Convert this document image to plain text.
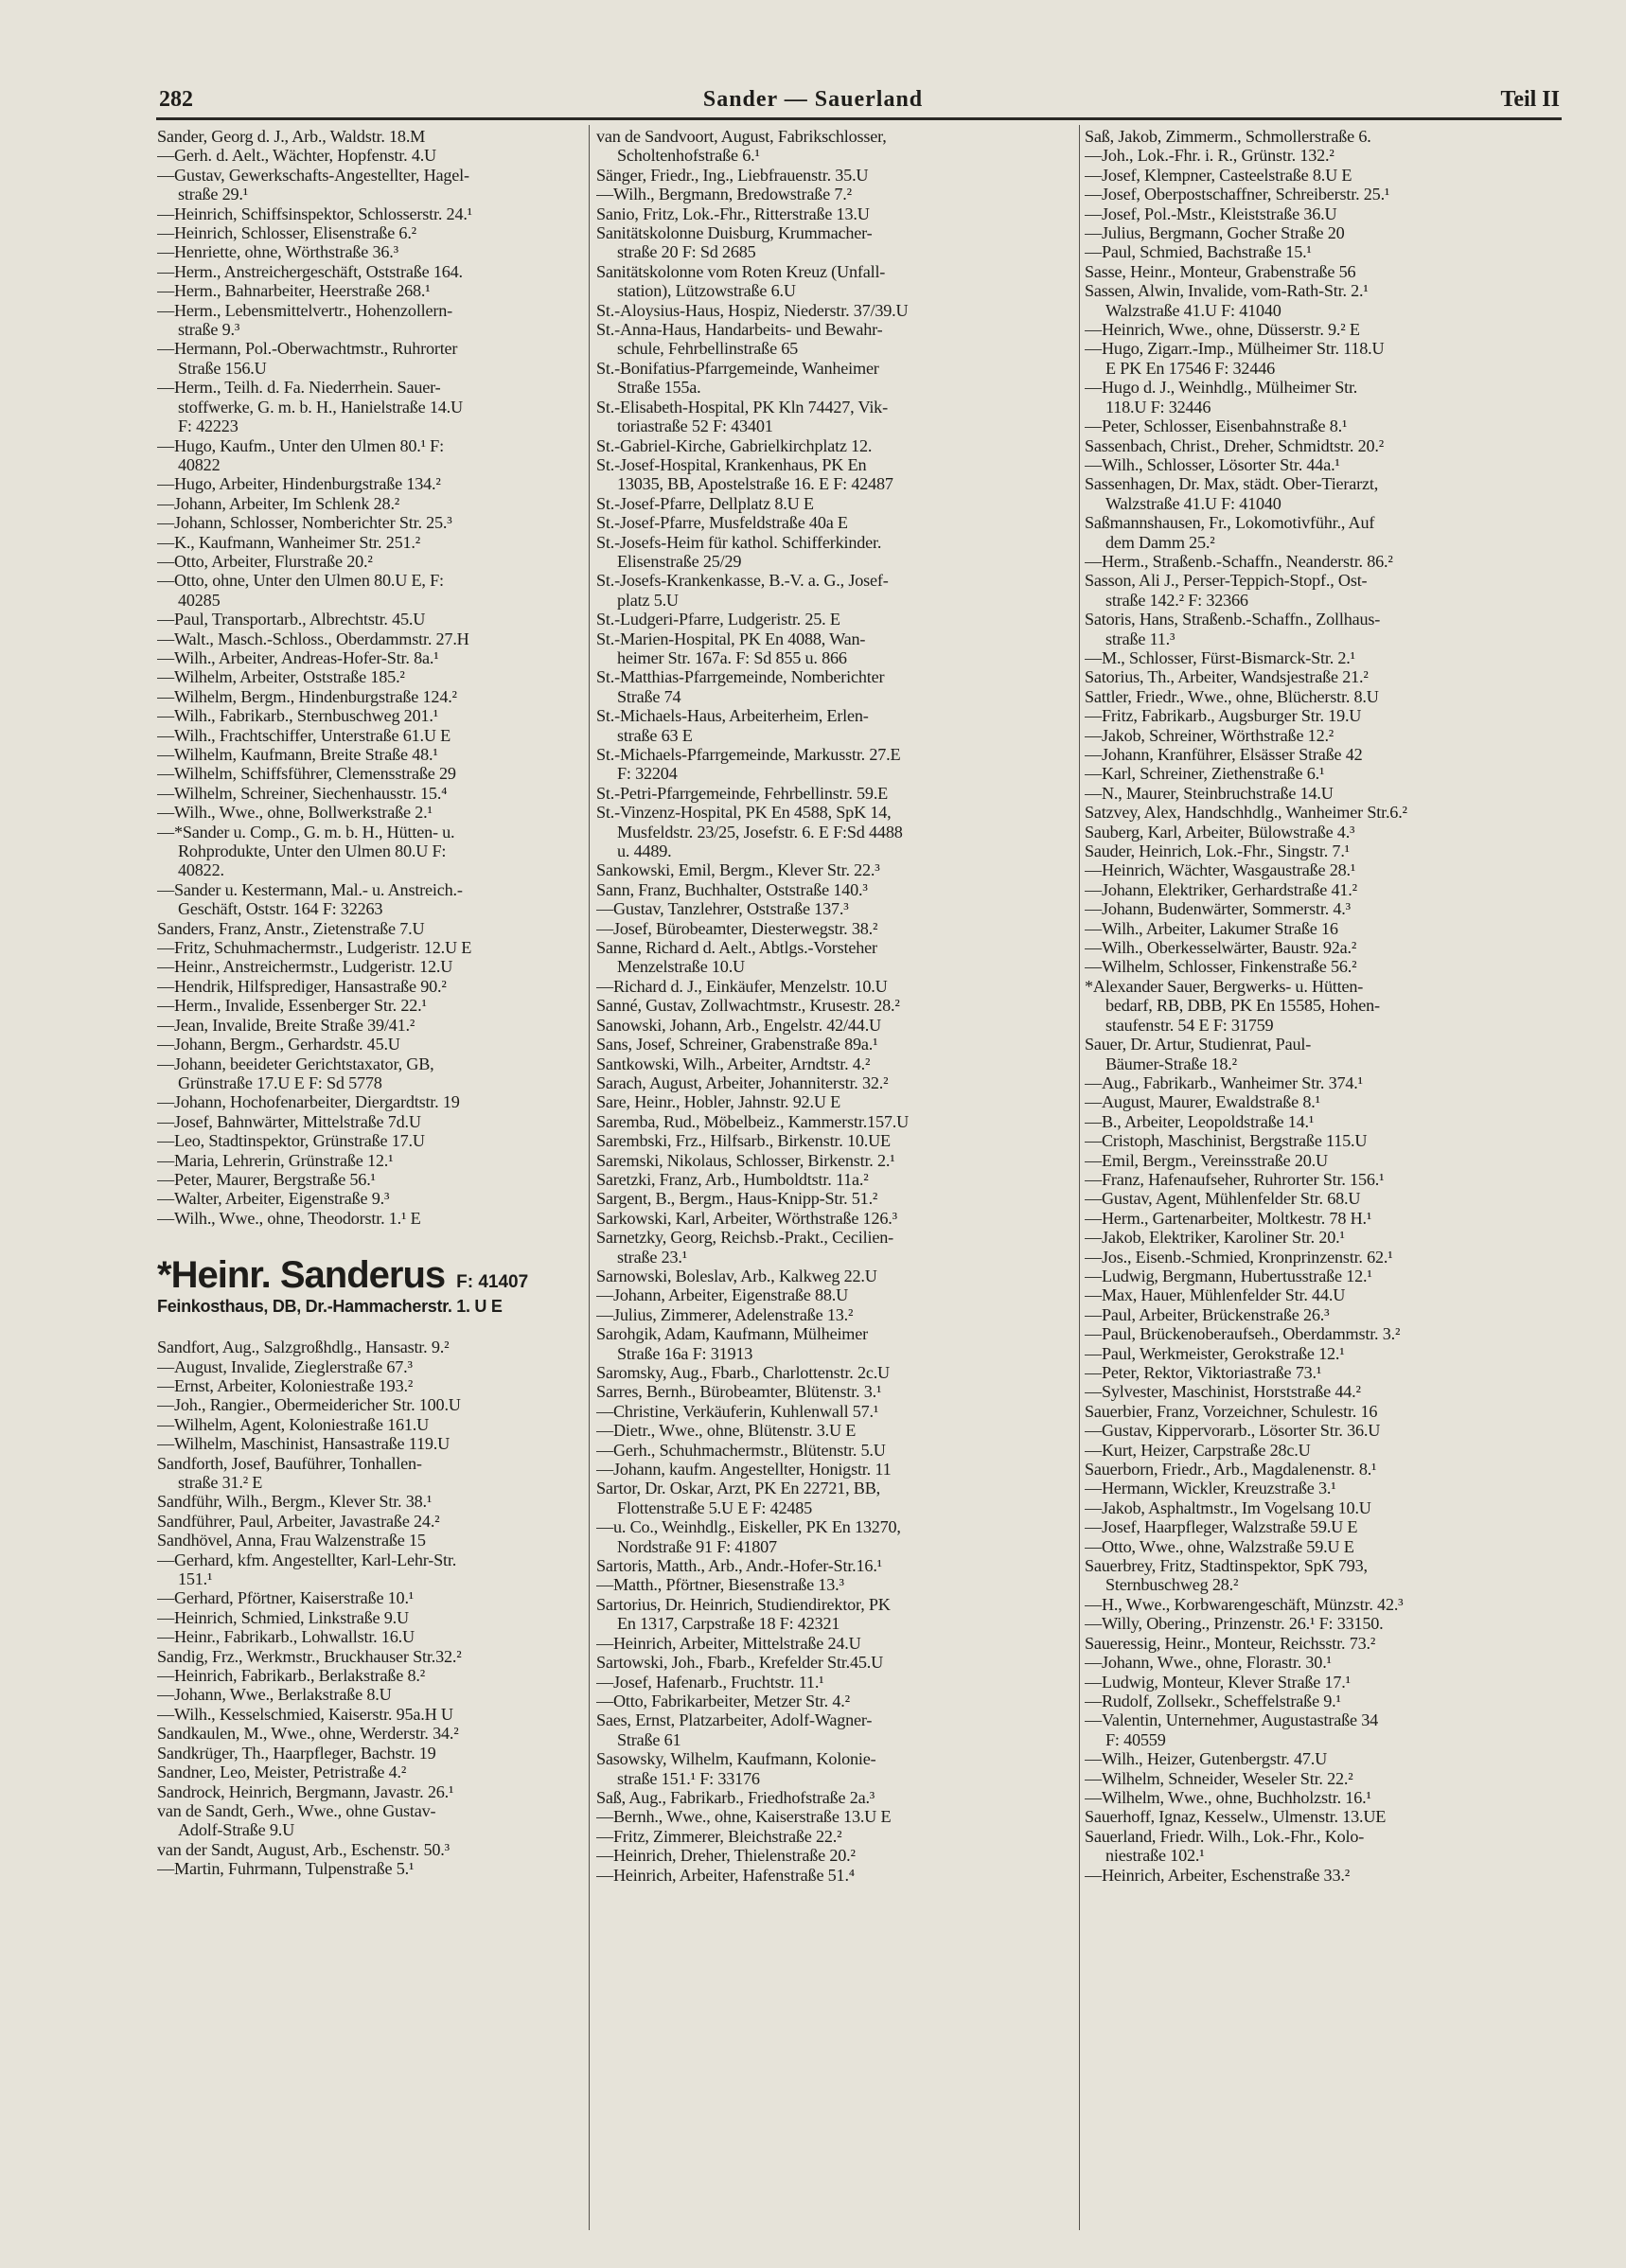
282	Sander — Sauerland	Teil II
Sander, Georg d. J., Arb., Waldstr. 18.M
—Gerh. d. Aelt., Wächter, Hopfenstr. 4.U
—Gustav, Gewerkschafts-Angestellter, Hagel-
straße 29.¹
—Heinrich, Schiffsinspektor, Schlosserstr. 24.¹
—Heinrich, Schlosser, Elisenstraße 6.²
—Henriette, ohne, Wörthstraße 36.³
—Herm., Anstreichergeschäft, Oststraße 164.
—Herm., Bahnarbeiter, Heerstraße 268.¹
—Herm., Lebensmittelvertr., Hohenzollern-
straße 9.³
—Hermann, Pol.-Oberwachtmstr., Ruhrorter
Straße 156.U
—Herm., Teilh. d. Fa. Niederrhein. Sauer-
stoffwerke, G. m. b. H., Hanielstraße 14.U
F: 42223
—Hugo, Kaufm., Unter den Ulmen 80.¹ F:
40822
—Hugo, Arbeiter, Hindenburgstraße 134.²
—Johann, Arbeiter, Im Schlenk 28.²
—Johann, Schlosser, Nomberichter Str. 25.³
—K., Kaufmann, Wanheimer Str. 251.²
—Otto, Arbeiter, Flurstraße 20.²
—Otto, ohne, Unter den Ulmen 80.U E, F:
40285
—Paul, Transportarb., Albrechtstr. 45.U
—Walt., Masch.-Schloss., Oberdammstr. 27.H
—Wilh., Arbeiter, Andreas-Hofer-Str. 8a.¹
—Wilhelm, Arbeiter, Oststraße 185.²
—Wilhelm, Bergm., Hindenburgstraße 124.²
—Wilh., Fabrikarb., Sternbuschweg 201.¹
—Wilh., Frachtschiffer, Unterstraße 61.U E
—Wilhelm, Kaufmann, Breite Straße 48.¹
—Wilhelm, Schiffsführer, Clemensstraße 29
—Wilhelm, Schreiner, Siechenhausstr. 15.⁴
—Wilh., Wwe., ohne, Bollwerkstraße 2.¹
—*Sander u. Comp., G. m. b. H., Hütten- u.
Rohprodukte, Unter den Ulmen 80.U F:
40822.
—Sander u. Kestermann, Mal.- u. Anstreich.-
Geschäft, Oststr. 164 F: 32263
Sanders, Franz, Anstr., Zietenstraße 7.U
—Fritz, Schuhmachermstr., Ludgeristr. 12.U E
—Heinr., Anstreichermstr., Ludgeristr. 12.U
—Hendrik, Hilfsprediger, Hansastraße 90.²
—Herm., Invalide, Essenberger Str. 22.¹
—Jean, Invalide, Breite Straße 39/41.²
—Johann, Bergm., Gerhardstr. 45.U
—Johann, beeideter Gerichtstaxator, GB,
Grünstraße 17.U E F: Sd 5778
—Johann, Hochofenarbeiter, Diergardtstr. 19
—Josef, Bahnwärter, Mittelstraße 7d.U
—Leo, Stadtinspektor, Grünstraße 17.U
—Maria, Lehrerin, Grünstraße 12.¹
—Peter, Maurer, Bergstraße 56.¹
—Walter, Arbeiter, Eigenstraße 9.³
—Wilh., Wwe., ohne, Theodorstr. 1.¹ E
*Heinr. Sanderus F: 41407
Feinkosthaus, DB, Dr.-Hammacherstr. 1. U E
Sandfort, Aug., Salzgroßhdlg., Hansastr. 9.²
—August, Invalide, Zieglerstraße 67.³
—Ernst, Arbeiter, Koloniestraße 193.²
—Joh., Rangier., Obermeidericher Str. 100.U
—Wilhelm, Agent, Koloniestraße 161.U
—Wilhelm, Maschinist, Hansastraße 119.U
Sandforth, Josef, Bauführer, Tonhallen-
straße 31.² E
Sandführ, Wilh., Bergm., Klever Str. 38.¹
Sandführer, Paul, Arbeiter, Javastraße 24.²
Sandhövel, Anna, Frau Walzenstraße 15
—Gerhard, kfm. Angestellter, Karl-Lehr-Str.
151.¹
—Gerhard, Pförtner, Kaiserstraße 10.¹
—Heinrich, Schmied, Linkstraße 9.U
—Heinr., Fabrikarb., Lohwallstr. 16.U
Sandig, Frz., Werkmstr., Bruckhauser Str.32.²
—Heinrich, Fabrikarb., Berlakstraße 8.²
—Johann, Wwe., Berlakstraße 8.U
—Wilh., Kesselschmied, Kaiserstr. 95a.H U
Sandkaulen, M., Wwe., ohne, Werderstr. 34.²
Sandkrüger, Th., Haarpfleger, Bachstr. 19
Sandner, Leo, Meister, Petristraße 4.²
Sandrock, Heinrich, Bergmann, Javastr. 26.¹
van de Sandt, Gerh., Wwe., ohne Gustav-
Adolf-Straße 9.U
van der Sandt, August, Arb., Eschenstr. 50.³
—Martin, Fuhrmann, Tulpenstraße 5.¹
van de Sandvoort, August, Fabrikschlosser,
Scholtenhofstraße 6.¹
Sänger, Friedr., Ing., Liebfrauenstr. 35.U
—Wilh., Bergmann, Bredowstraße 7.²
Sanio, Fritz, Lok.-Fhr., Ritterstraße 13.U
Sanitätskolonne Duisburg, Krummacher-
straße 20 F: Sd 2685
Sanitätskolonne vom Roten Kreuz (Unfall-
station), Lützowstraße 6.U
St.-Aloysius-Haus, Hospiz, Niederstr. 37/39.U
St.-Anna-Haus, Handarbeits- und Bewahr-
schule, Fehrbellinstraße 65
St.-Bonifatius-Pfarrgemeinde, Wanheimer
Straße 155a.
St.-Elisabeth-Hospital, PK Kln 74427, Vik-
toriastraße 52 F: 43401
St.-Gabriel-Kirche, Gabrielkirchplatz 12.
St.-Josef-Hospital, Krankenhaus, PK En
13035, BB, Apostelstraße 16. E F: 42487
St.-Josef-Pfarre, Dellplatz 8.U E
St.-Josef-Pfarre, Musfeldstraße 40a E
St.-Josefs-Heim für kathol. Schifferkinder.
Elisenstraße 25/29
St.-Josefs-Krankenkasse, B.-V. a. G., Josef-
platz 5.U
St.-Ludgeri-Pfarre, Ludgeristr. 25. E
St.-Marien-Hospital, PK En 4088, Wan-
heimer Str. 167a. F: Sd 855 u. 866
St.-Matthias-Pfarrgemeinde, Nomberichter
Straße 74
St.-Michaels-Haus, Arbeiterheim, Erlen-
straße 63 E
St.-Michaels-Pfarrgemeinde, Markusstr. 27.E
F: 32204
St.-Petri-Pfarrgemeinde, Fehrbellinstr. 59.E
St.-Vinzenz-Hospital, PK En 4588, SpK 14,
Musfeldstr. 23/25, Josefstr. 6. E F:Sd 4488
u. 4489.
Sankowski, Emil, Bergm., Klever Str. 22.³
Sann, Franz, Buchhalter, Oststraße 140.³
—Gustav, Tanzlehrer, Oststraße 137.³
—Josef, Bürobeamter, Diesterwegstr. 38.²
Sanne, Richard d. Aelt., Abtlgs.-Vorsteher
Menzelstraße 10.U
—Richard d. J., Einkäufer, Menzelstr. 10.U
Sanné, Gustav, Zollwachtmstr., Krusestr. 28.²
Sanowski, Johann, Arb., Engelstr. 42/44.U
Sans, Josef, Schreiner, Grabenstraße 89a.¹
Santkowski, Wilh., Arbeiter, Arndtstr. 4.²
Sarach, August, Arbeiter, Johanniterstr. 32.²
Sare, Heinr., Hobler, Jahnstr. 92.U E
Saremba, Rud., Möbelbeiz., Kammerstr.157.U
Sarembski, Frz., Hilfsarb., Birkenstr. 10.UE
Saremski, Nikolaus, Schlosser, Birkenstr. 2.¹
Saretzki, Franz, Arb., Humboldtstr. 11a.²
Sargent, B., Bergm., Haus-Knipp-Str. 51.²
Sarkowski, Karl, Arbeiter, Wörthstraße 126.³
Sarnetzky, Georg, Reichsb.-Prakt., Cecilien-
straße 23.¹
Sarnowski, Boleslav, Arb., Kalkweg 22.U
—Johann, Arbeiter, Eigenstraße 88.U
—Julius, Zimmerer, Adelenstraße 13.²
Sarohgik, Adam, Kaufmann, Mülheimer
Straße 16a F: 31913
Saromsky, Aug., Fbarb., Charlottenstr. 2c.U
Sarres, Bernh., Bürobeamter, Blütenstr. 3.¹
—Christine, Verkäuferin, Kuhlenwall 57.¹
—Dietr., Wwe., ohne, Blütenstr. 3.U E
—Gerh., Schuhmachermstr., Blütenstr. 5.U
—Johann, kaufm. Angestellter, Honigstr. 11
Sartor, Dr. Oskar, Arzt, PK En 22721, BB,
Flottenstraße 5.U E F: 42485
—u. Co., Weinhdlg., Eiskeller, PK En 13270,
Nordstraße 91 F: 41807
Sartoris, Matth., Arb., Andr.-Hofer-Str.16.¹
—Matth., Pförtner, Biesenstraße 13.³
Sartorius, Dr. Heinrich, Studiendirektor, PK
En 1317, Carpstraße 18 F: 42321
—Heinrich, Arbeiter, Mittelstraße 24.U
Sartowski, Joh., Fbarb., Krefelder Str.45.U
—Josef, Hafenarb., Fruchtstr. 11.¹
—Otto, Fabrikarbeiter, Metzer Str. 4.²
Saes, Ernst, Platzarbeiter, Adolf-Wagner-
Straße 61
Sasowsky, Wilhelm, Kaufmann, Kolonie-
straße 151.¹ F: 33176
Saß, Aug., Fabrikarb., Friedhofstraße 2a.³
—Bernh., Wwe., ohne, Kaiserstraße 13.U E
—Fritz, Zimmerer, Bleichstraße 22.²
—Heinrich, Dreher, Thielenstraße 20.²
—Heinrich, Arbeiter, Hafenstraße 51.⁴
Saß, Jakob, Zimmerm., Schmollerstraße 6.
—Joh., Lok.-Fhr. i. R., Grünstr. 132.²
—Josef, Klempner, Casteelstraße 8.U E
—Josef, Oberpostschaffner, Schreiberstr. 25.¹
—Josef, Pol.-Mstr., Kleiststraße 36.U
—Julius, Bergmann, Gocher Straße 20
—Paul, Schmied, Bachstraße 15.¹
Sasse, Heinr., Monteur, Grabenstraße 56
Sassen, Alwin, Invalide, vom-Rath-Str. 2.¹
Walzstraße 41.U F: 41040
—Heinrich, Wwe., ohne, Düsserstr. 9.² E
—Hugo, Zigarr.-Imp., Mülheimer Str. 118.U
E PK En 17546 F: 32446
—Hugo d. J., Weinhdlg., Mülheimer Str.
118.U F: 32446
—Peter, Schlosser, Eisenbahnstraße 8.¹
Sassenbach, Christ., Dreher, Schmidtstr. 20.²
—Wilh., Schlosser, Lösorter Str. 44a.¹
Sassenhagen, Dr. Max, städt. Ober-Tierarzt,
Walzstraße 41.U F: 41040
Saßmannshausen, Fr., Lokomotivführ., Auf
dem Damm 25.²
—Herm., Straßenb.-Schaffn., Neanderstr. 86.²
Sasson, Ali J., Perser-Teppich-Stopf., Ost-
straße 142.² F: 32366
Satoris, Hans, Straßenb.-Schaffn., Zollhaus-
straße 11.³
—M., Schlosser, Fürst-Bismarck-Str. 2.¹
Satorius, Th., Arbeiter, Wandsjestraße 21.²
Sattler, Friedr., Wwe., ohne, Blücherstr. 8.U
—Fritz, Fabrikarb., Augsburger Str. 19.U
—Jakob, Schreiner, Wörthstraße 12.²
—Johann, Kranführer, Elsässer Straße 42
—Karl, Schreiner, Ziethenstraße 6.¹
—N., Maurer, Steinbruchstraße 14.U
Satzvey, Alex, Handschhdlg., Wanheimer Str.6.²
Sauberg, Karl, Arbeiter, Bülowstraße 4.³
Sauder, Heinrich, Lok.-Fhr., Singstr. 7.¹
—Heinrich, Wächter, Wasgaustraße 28.¹
—Johann, Elektriker, Gerhardstraße 41.²
—Johann, Budenwärter, Sommerstr. 4.³
—Wilh., Arbeiter, Lakumer Straße 16
—Wilh., Oberkesselwärter, Baustr. 92a.²
—Wilhelm, Schlosser, Finkenstraße 56.²
*Alexander Sauer, Bergwerks- u. Hütten-
bedarf, RB, DBB, PK En 15585, Hohen-
staufenstr. 54 E F: 31759
Sauer, Dr. Artur, Studienrat, Paul-
Bäumer-Straße 18.²
—Aug., Fabrikarb., Wanheimer Str. 374.¹
—August, Maurer, Ewaldstraße 8.¹
—B., Arbeiter, Leopoldstraße 14.¹
—Cristoph, Maschinist, Bergstraße 115.U
—Emil, Bergm., Vereinsstraße 20.U
—Franz, Hafenaufseher, Ruhrorter Str. 156.¹
—Gustav, Agent, Mühlenfelder Str. 68.U
—Herm., Gartenarbeiter, Moltkestr. 78 H.¹
—Jakob, Elektriker, Karoliner Str. 20.¹
—Jos., Eisenb.-Schmied, Kronprinzenstr. 62.¹
—Ludwig, Bergmann, Hubertusstraße 12.¹
—Max, Hauer, Mühlenfelder Str. 44.U
—Paul, Arbeiter, Brückenstraße 26.³
—Paul, Brückenoberaufseh., Oberdammstr. 3.²
—Paul, Werkmeister, Gerokstraße 12.¹
—Peter, Rektor, Viktoriastraße 73.¹
—Sylvester, Maschinist, Horststraße 44.²
Sauerbier, Franz, Vorzeichner, Schulestr. 16
—Gustav, Kippervorarb., Lösorter Str. 36.U
—Kurt, Heizer, Carpstraße 28c.U
Sauerborn, Friedr., Arb., Magdalenenstr. 8.¹
—Hermann, Wickler, Kreuzstraße 3.¹
—Jakob, Asphaltmstr., Im Vogelsang 10.U
—Josef, Haarpfleger, Walzstraße 59.U E
—Otto, Wwe., ohne, Walzstraße 59.U E
Sauerbrey, Fritz, Stadtinspektor, SpK 793,
Sternbuschweg 28.²
—H., Wwe., Korbwarengeschäft, Münzstr. 42.³
—Willy, Obering., Prinzenstr. 26.¹ F: 33150.
Saueressig, Heinr., Monteur, Reichsstr. 73.²
—Johann, Wwe., ohne, Florastr. 30.¹
—Ludwig, Monteur, Klever Straße 17.¹
—Rudolf, Zollsekr., Scheffelstraße 9.¹
—Valentin, Unternehmer, Augustastraße 34
F: 40559
—Wilh., Heizer, Gutenbergstr. 47.U
—Wilhelm, Schneider, Weseler Str. 22.²
—Wilhelm, Wwe., ohne, Buchholzstr. 16.¹
Sauerhoff, Ignaz, Kesselw., Ulmenstr. 13.UE
Sauerland, Friedr. Wilh., Lok.-Fhr., Kolo-
niestraße 102.¹
—Heinrich, Arbeiter, Eschenstraße 33.²
